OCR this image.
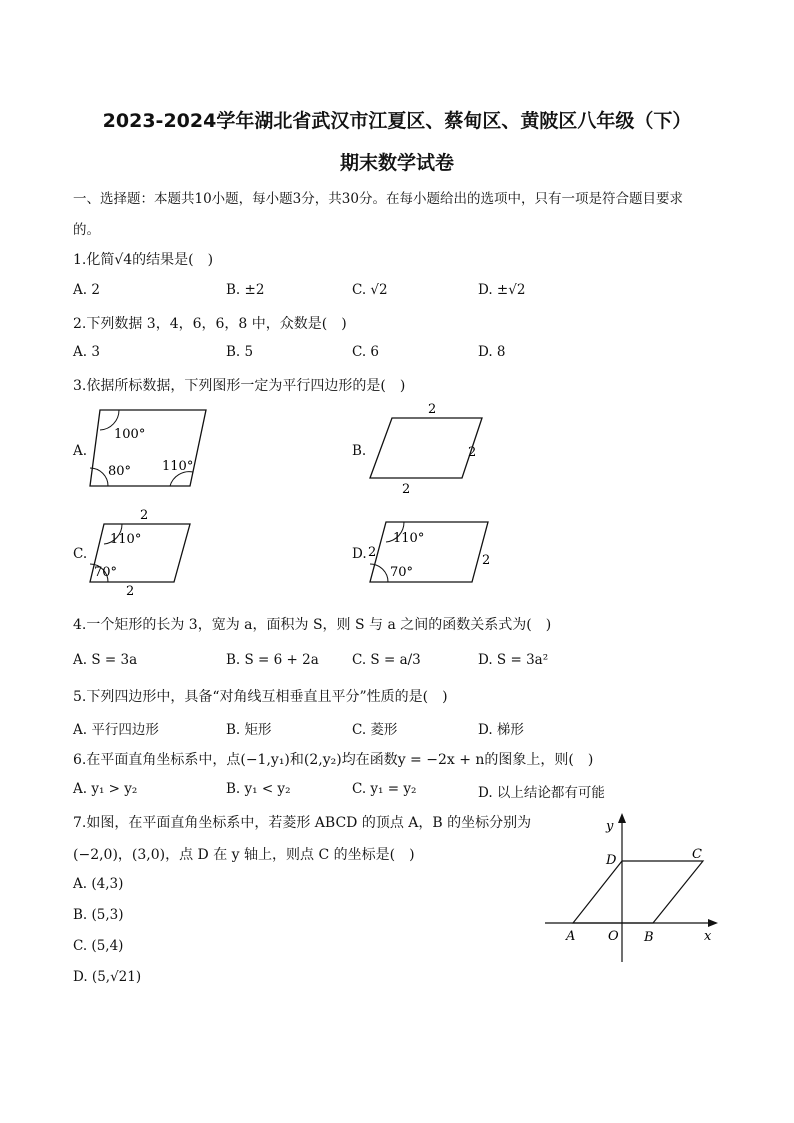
2023-2024学年湖北省武汉市江夏区、蔡甸区、黄陂区八年级（下）
期末数学试卷
一、选择题：本题共10小题，每小题3分，共30分。在每小题给出的选项中，只有一项是符合题目要求
的。
1.化简√4的结果是( )
A. 2	B. ±2	C. √2	D. ±√2
2.下列数据 3，4，6，6，8 中，众数是( )
A. 3	B. 5	C. 6	D. 8
3.依据所标数据，下列图形一定为平行四边形的是( )
A.
100°
80° 110°
B.
2
2
2
C.
2
110°
70°
2
D. 2
110°
70°
2
4.一个矩形的长为 3，宽为 a，面积为 S，则 S 与 a 之间的函数关系式为( )
A. S = 3a	B. S = 6 + 2a C. S = a/3	D. S = 3a²
5.下列四边形中，具备“对角线互相垂直且平分”性质的是( )
A. 平行四边形	B. 矩形	C. 菱形	D. 梯形
6.在平面直角坐标系中，点(−1,y₁)和(2,y₂)均在函数y = −2x + n的图象上，则( )
A. y₁ > y₂	B. y₁ < y₂	C. y₁ = y₂	D. 以上结论都有可能
7.如图，在平面直角坐标系中，若菱形 ABCD 的顶点 A，B 的坐标分别为
(−2,0)，(3,0)，点 D 在 y 轴上，则点 C 的坐标是( )
A. (4,3)
B. (5,3)
C. (5,4)
D. (5,√21)
y
x
D	C
A	O B
